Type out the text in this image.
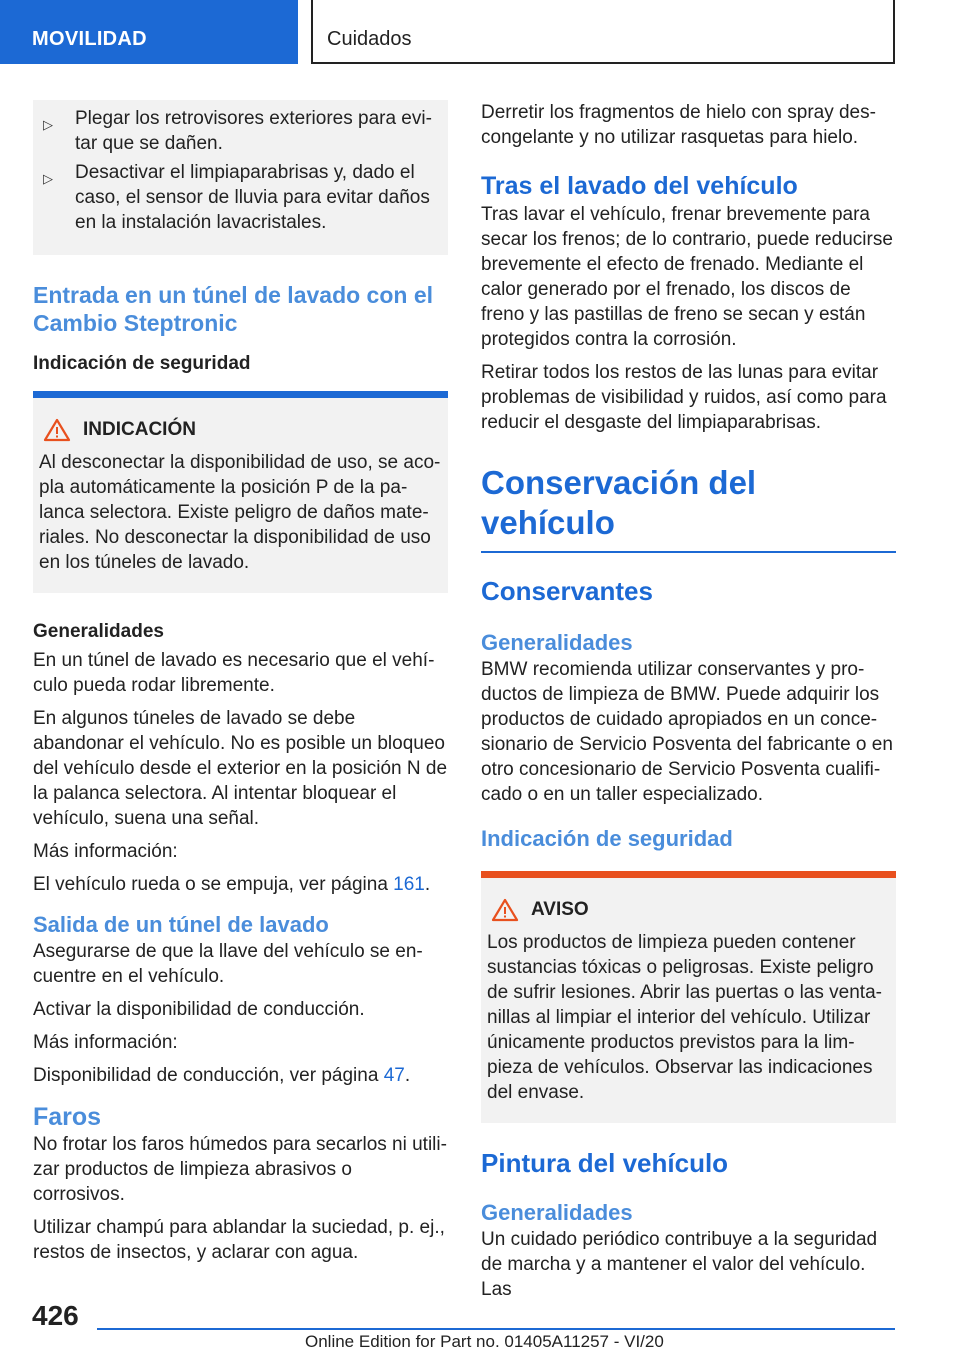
MOVILIDAD	Cuidados
▷	Plegar los retrovisores exteriores para evitar que se dañen.
▷	Desactivar el limpiaparabrisas y, dado el caso, el sensor de lluvia para evitar daños en la instalación lavacristales.
Entrada en un túnel de lavado con el Cambio Steptronic
Indicación de seguridad
INDICACIÓN

Al desconectar la disponibilidad de uso, se acopla automáticamente la posición P de la palanca selectora. Existe peligro de daños materiales. No desconectar la disponibilidad de uso en los túneles de lavado.

Generalidades

En un túnel de lavado es necesario que el vehículo pueda rodar libremente.

En algunos túneles de lavado se debe abandonar el vehículo. No es posible un bloqueo del vehículo desde el exterior en la posición N de la palanca selectora. Al intentar bloquear el vehículo, suena una señal.

Más información:

El vehículo rueda o se empuja, ver página 161.

Salida de un túnel de lavado

Asegurarse de que la llave del vehículo se encuentre en el vehículo.

Activar la disponibilidad de conducción.

Más información:

Disponibilidad de conducción, ver página 47.

Faros

No frotar los faros húmedos para secarlos ni utilizar productos de limpieza abrasivos o corrosivos.

Utilizar champú para ablandar la suciedad, p. ej., restos de insectos, y aclarar con agua.

Derretir los fragmentos de hielo con spray descongelante y no utilizar rasquetas para hielo.

Tras el lavado del vehículo

Tras lavar el vehículo, frenar brevemente para secar los frenos; de lo contrario, puede reducirse brevemente el efecto de frenado. Mediante el calor generado por el frenado, los discos de freno y las pastillas de freno se secan y están protegidos contra la corrosión.

Retirar todos los restos de las lunas para evitar problemas de visibilidad y ruidos, así como para reducir el desgaste del limpiaparabrisas.

Conservación del vehículo
Conservantes
Generalidades

BMW recomienda utilizar conservantes y productos de limpieza de BMW. Puede adquirir los productos de cuidado apropiados en un concesionario de Servicio Posventa del fabricante o en otro concesionario de Servicio Posventa cualificado o en un taller especializado.

Indicación de seguridad
AVISO

Los productos de limpieza pueden contener sustancias tóxicas o peligrosas. Existe peligro de sufrir lesiones. Abrir las puertas o las ventanillas al limpiar el interior del vehículo. Utilizar únicamente productos previstos para la limpieza de vehículos. Observar las indicaciones del envase.

Pintura del vehículo
Generalidades

Un cuidado periódico contribuye a la seguridad de marcha y a mantener el valor del vehículo. Las

426
Online Edition for Part no. 01405A11257 - VI/20
